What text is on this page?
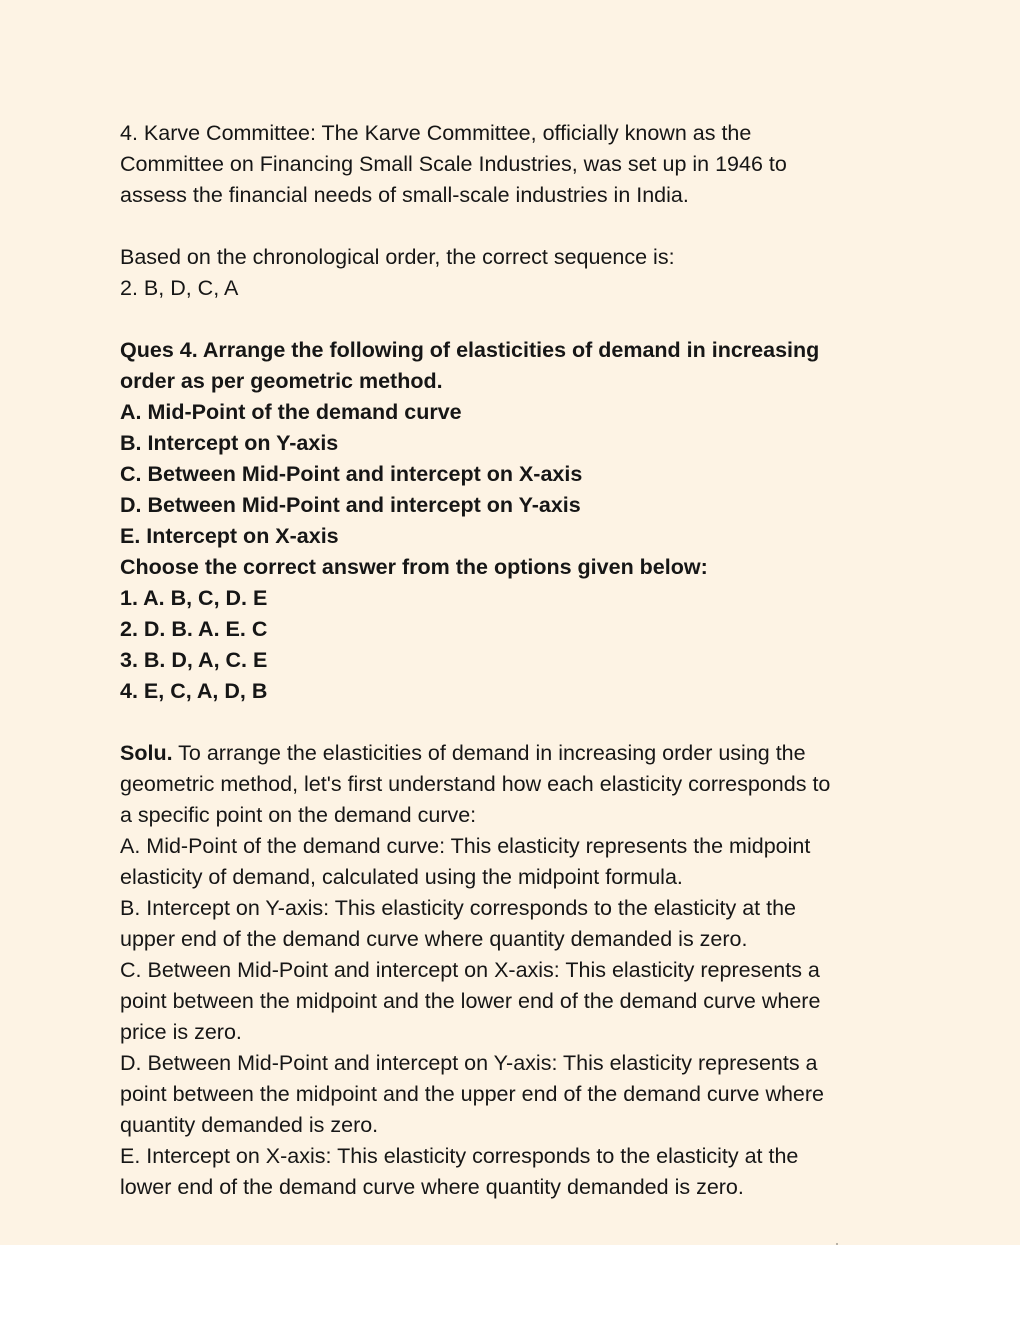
4. Karve Committee: The Karve Committee, officially known as the
Committee on Financing Small Scale Industries, was set up in 1946 to
assess the financial needs of small-scale industries in India.
Based on the chronological order, the correct sequence is:
2. B, D, C, A
Ques 4. Arrange the following of elasticities of demand in increasing
order as per geometric method.
A. Mid-Point of the demand curve
B. Intercept on Y-axis
C. Between Mid-Point and intercept on X-axis
D. Between Mid-Point and intercept on Y-axis
E. Intercept on X-axis
Choose the correct answer from the options given below:
1. A. B, C, D. E
2. D. B. A. E. C
3. B. D, A, C. E
4. E, C, A, D, B
Solu. To arrange the elasticities of demand in increasing order using the
geometric method, let's first understand how each elasticity corresponds to
a specific point on the demand curve:
A. Mid-Point of the demand curve: This elasticity represents the midpoint
elasticity of demand, calculated using the midpoint formula.
B. Intercept on Y-axis: This elasticity corresponds to the elasticity at the
upper end of the demand curve where quantity demanded is zero.
C. Between Mid-Point and intercept on X-axis: This elasticity represents a
point between the midpoint and the lower end of the demand curve where
price is zero.
D. Between Mid-Point and intercept on Y-axis: This elasticity represents a
point between the midpoint and the upper end of the demand curve where
quantity demanded is zero.
E. Intercept on X-axis: This elasticity corresponds to the elasticity at the
lower end of the demand curve where quantity demanded is zero.
